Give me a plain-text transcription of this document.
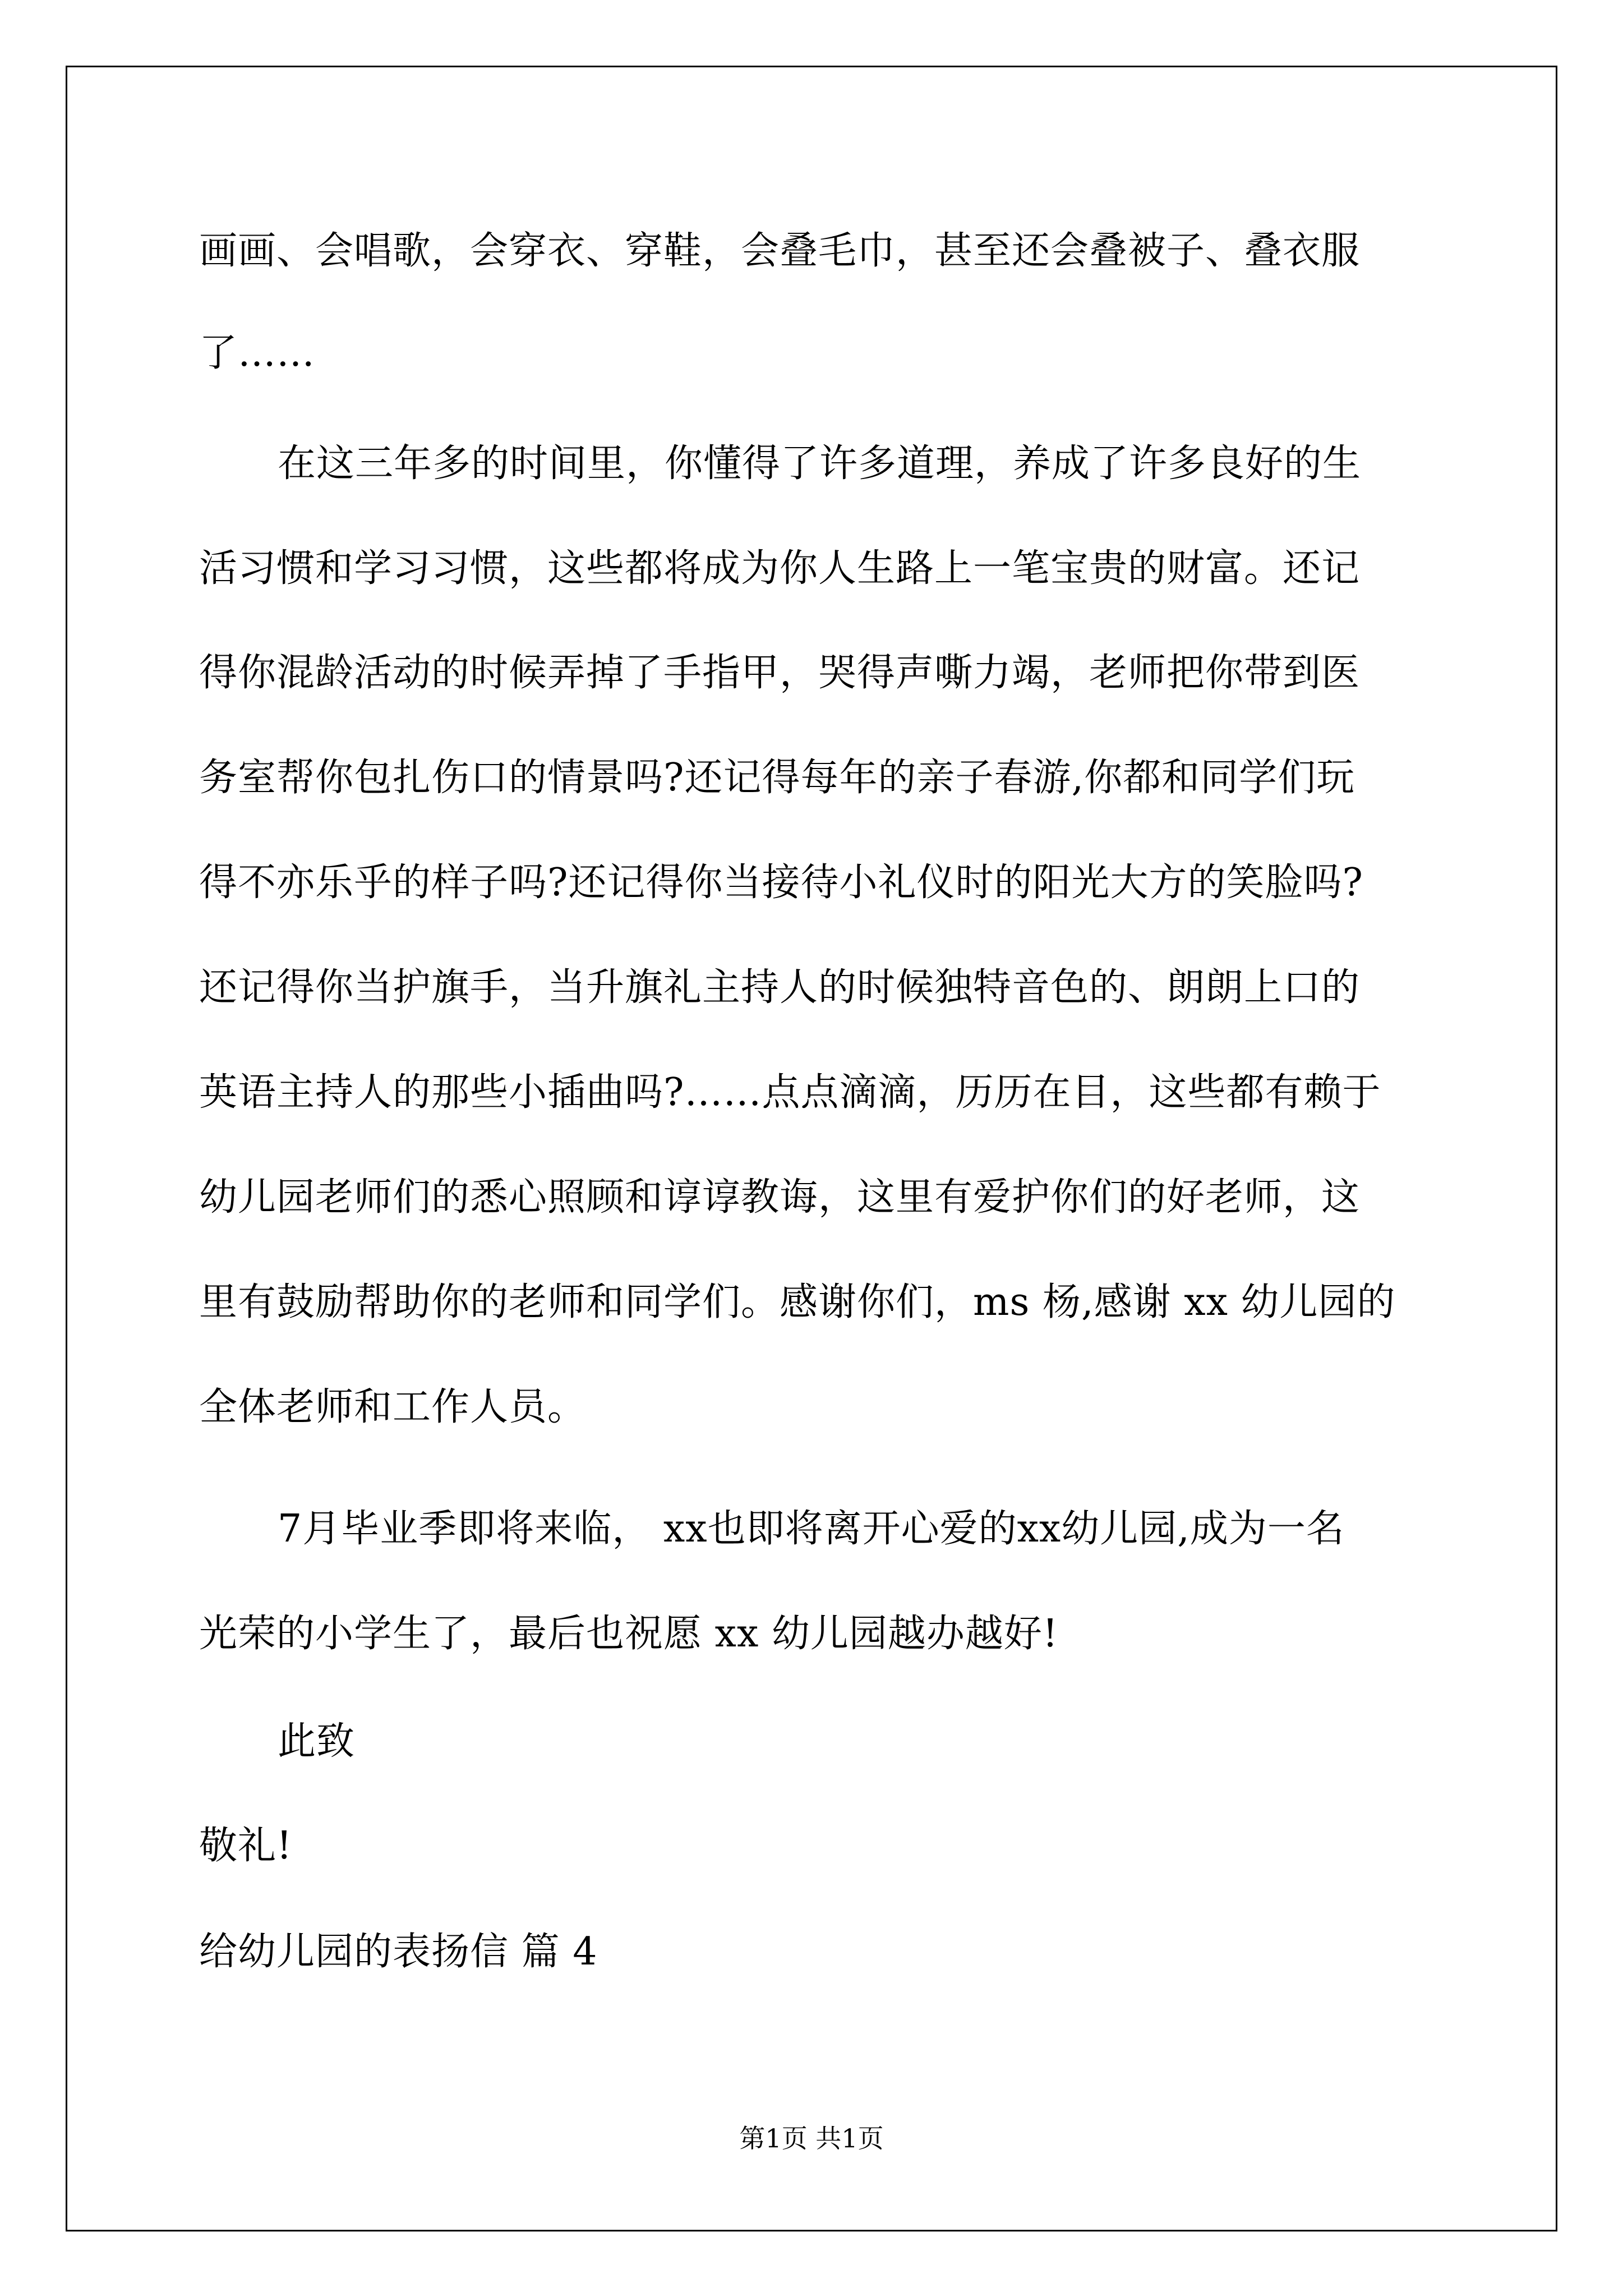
画画、会唱歌，会穿衣、穿鞋，会叠毛巾，甚至还会叠被子、叠衣服
了……
在这三年多的时间里，你懂得了许多道理，养成了许多良好的生
活习惯和学习习惯，这些都将成为你人生路上一笔宝贵的财富。还记
得你混龄活动的时候弄掉了手指甲，哭得声嘶力竭，老师把你带到医
务室帮你包扎伤口的情景吗?还记得每年的亲子春游,你都和同学们玩
得不亦乐乎的样子吗?还记得你当接待小礼仪时的阳光大方的笑脸吗?
还记得你当护旗手，当升旗礼主持人的时候独特音色的、朗朗上口的
英语主持人的那些小插曲吗?……点点滴滴，历历在目，这些都有赖于
幼儿园老师们的悉心照顾和谆谆教诲，这里有爱护你们的好老师，这
里有鼓励帮助你的老师和同学们。感谢你们，ms 杨,感谢 xx 幼儿园的
全体老师和工作人员。
7月毕业季即将来临， xx也即将离开心爱的xx幼儿园,成为一名
光荣的小学生了，最后也祝愿 xx 幼儿园越办越好!
此致
敬礼!
给幼儿园的表扬信 篇 4
第1页 共1页
